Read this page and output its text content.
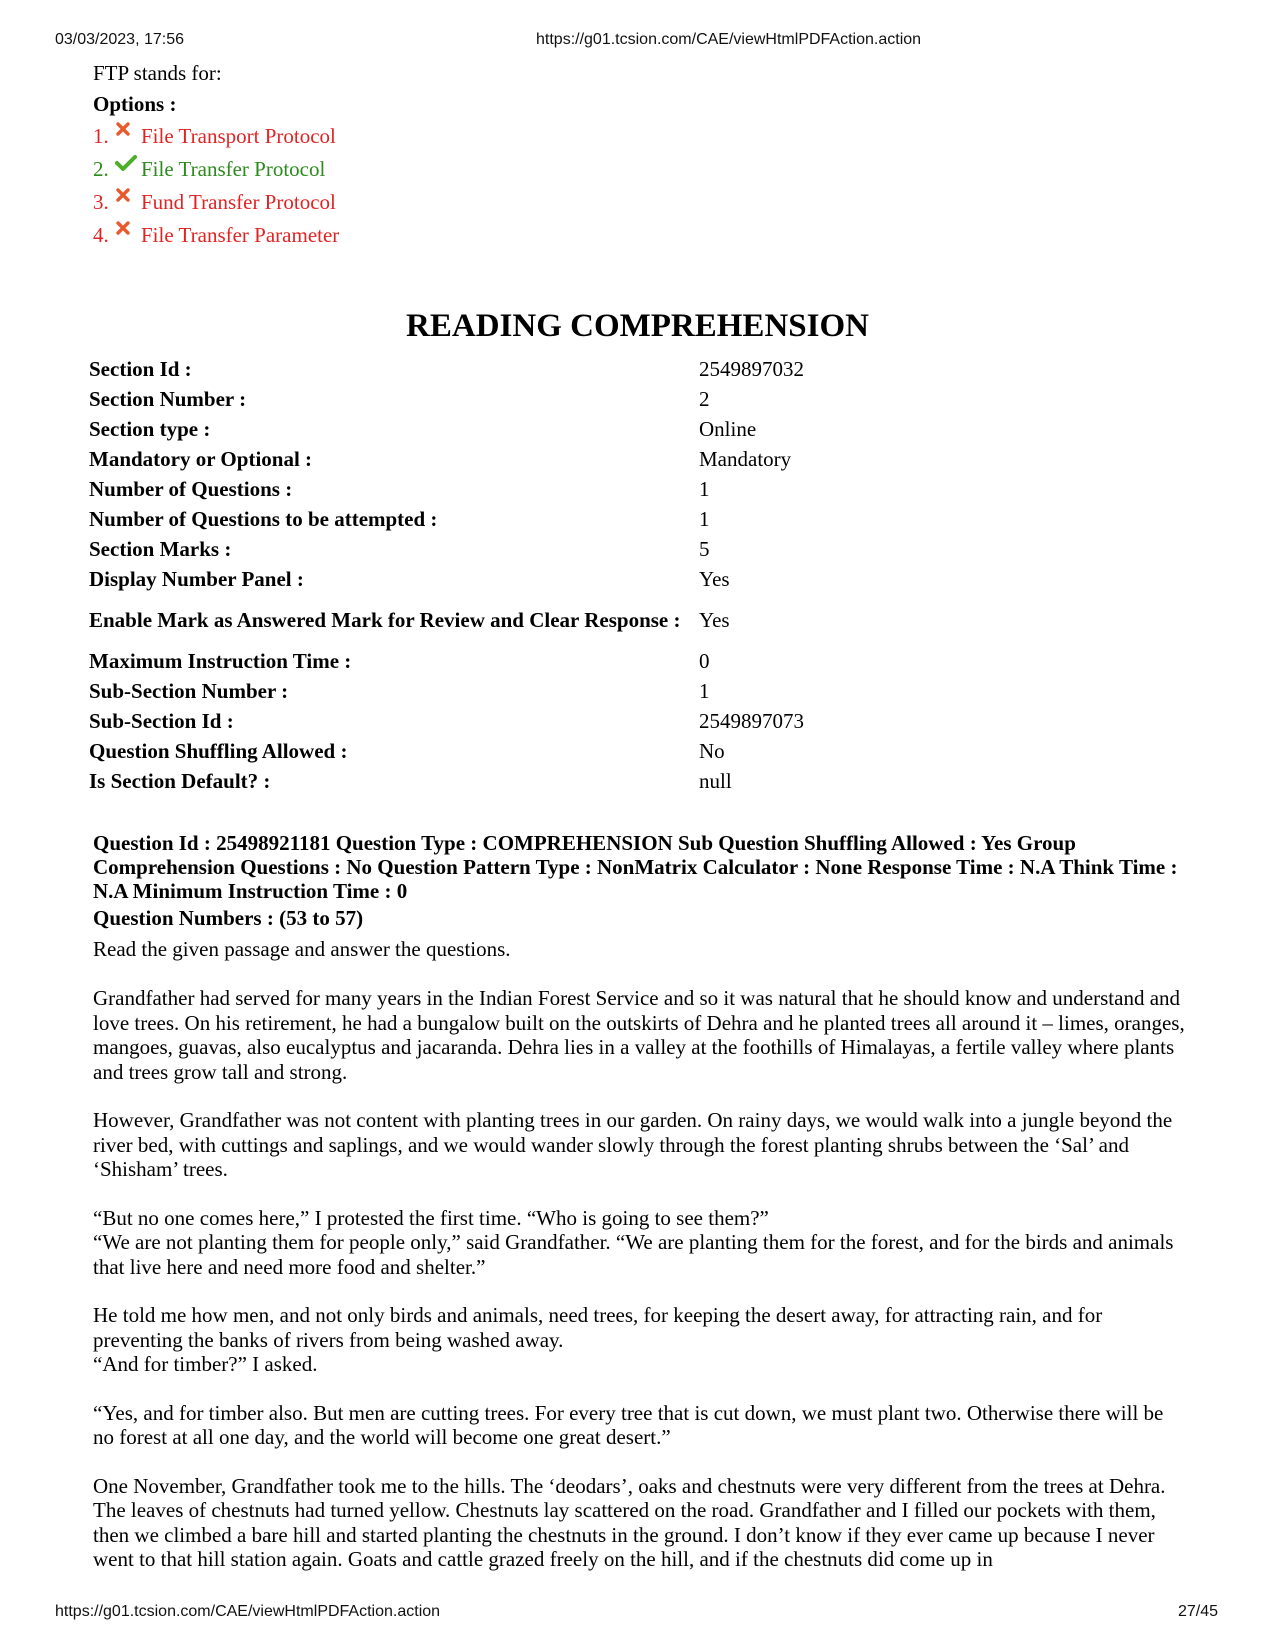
03/03/2023, 17:56	https://g01.tcsion.com/CAE/viewHtmlPDFAction.action
FTP stands for:
Options :
1. File Transport Protocol
2. File Transfer Protocol
3. Fund Transfer Protocol
4. File Transfer Parameter
READING COMPREHENSION
Section Id :	2549897032
Section Number :	2
Section type :	Online
Mandatory or Optional :	Mandatory
Number of Questions :	1
Number of Questions to be attempted :	1
Section Marks :	5
Display Number Panel :	Yes
Enable Mark as Answered Mark for Review and Clear Response : Yes
Maximum Instruction Time :	0
Sub-Section Number :	1
Sub-Section Id :	2549897073
Question Shuffling Allowed :	No
Is Section Default? :	null
Question Id : 25498921181 Question Type : COMPREHENSION Sub Question Shuffling Allowed : Yes Group Comprehension Questions : No Question Pattern Type : NonMatrix Calculator : None Response Time : N.A Think Time : N.A Minimum Instruction Time : 0
Question Numbers : (53 to 57)
Read the given passage and answer the questions.

Grandfather had served for many years in the Indian Forest Service and so it was natural that he should know and understand and love trees. On his retirement, he had a bungalow built on the outskirts of Dehra and he planted trees all around it – limes, oranges, mangoes, guavas, also eucalyptus and jacaranda. Dehra lies in a valley at the foothills of Himalayas, a fertile valley where plants and trees grow tall and strong.

However, Grandfather was not content with planting trees in our garden. On rainy days, we would walk into a jungle beyond the river bed, with cuttings and saplings, and we would wander slowly through the forest planting shrubs between the ‘Sal’ and ‘Shisham’ trees.

“But no one comes here,” I protested the first time. “Who is going to see them?”
“We are not planting them for people only,” said Grandfather. “We are planting them for the forest, and for the birds and animals that live here and need more food and shelter.”

He told me how men, and not only birds and animals, need trees, for keeping the desert away, for attracting rain, and for preventing the banks of rivers from being washed away.
“And for timber?” I asked.

“Yes, and for timber also. But men are cutting trees. For every tree that is cut down, we must plant two. Otherwise there will be no forest at all one day, and the world will become one great desert.”

One November, Grandfather took me to the hills. The ‘deodars’, oaks and chestnuts were very different from the trees at Dehra. The leaves of chestnuts had turned yellow. Chestnuts lay scattered on the road. Grandfather and I filled our pockets with them, then we climbed a bare hill and started planting the chestnuts in the ground. I don’t know if they ever came up because I never went to that hill station again. Goats and cattle grazed freely on the hill, and if the chestnuts did come up in

https://g01.tcsion.com/CAE/viewHtmlPDFAction.action	27/45
